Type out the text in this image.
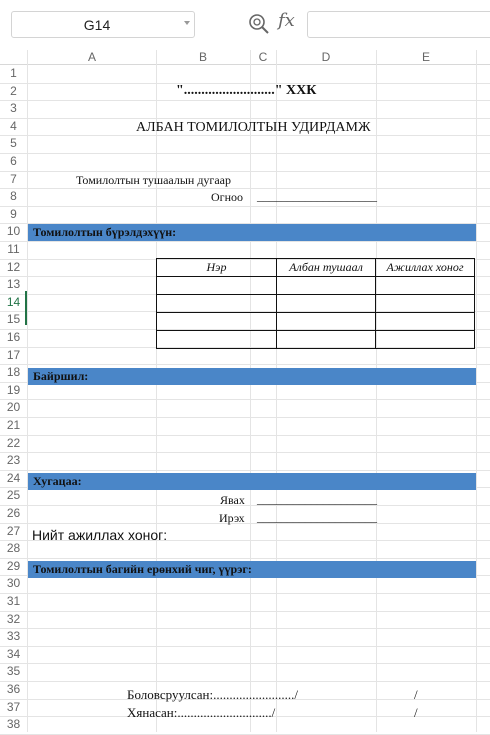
G14	fx
A	B	C	D	E
1
2
3
4
5
6
7
8
9
10
11
12
13
14
15
16
17
18
19
20
21
22
23
24
25
26
27
28
29
30
31
32
33
34
35
36
37
38
".........................." ХХК
АЛБАН ТОМИЛОЛТЫН УДИРДАМЖ
Томилолтын тушаалын дугаар
Огноо ____________________
Томилолтын бүрэлдэхүүн:
Нэр	Албан тушаал	Ажиллах хоног

Байршил:
Хугацаа:
Явах ____________________
Ирэх ____________________
Нийт ажиллах хоног:
Томилолтын багийн ерөнхий чиг, үүрэг:
Боловсруулсан:........................./	/
Хянасан:............................./	/
